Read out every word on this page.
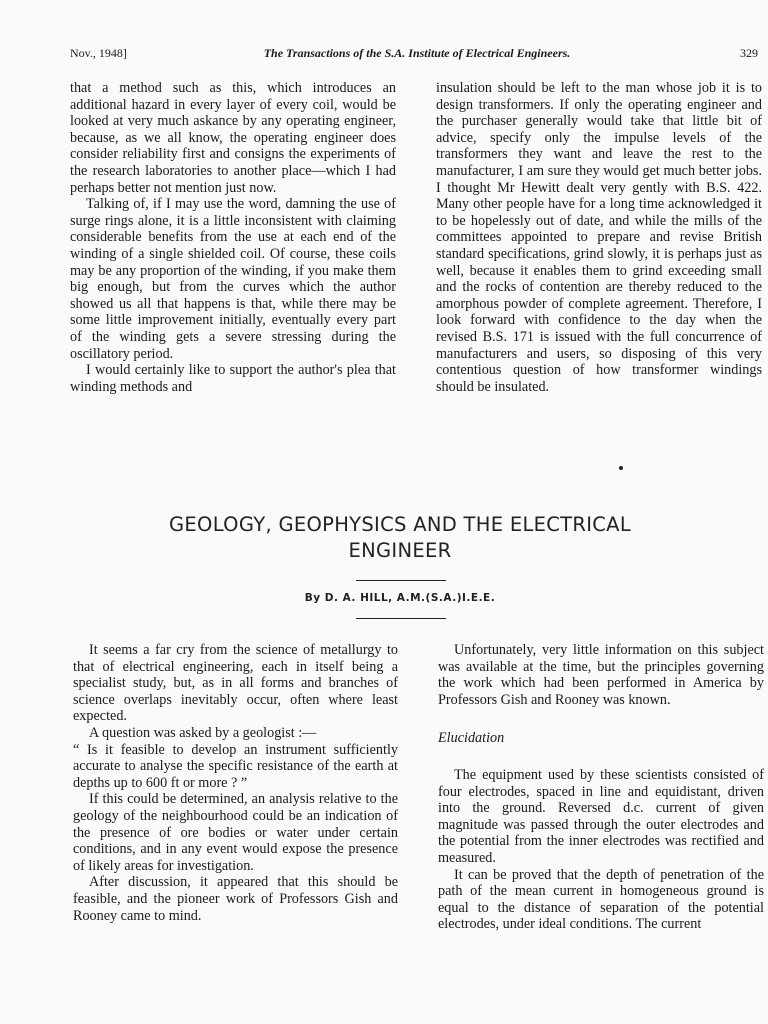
Nov., 1948]	The Transactions of the S.A. Institute of Electrical Engineers.	329

that a method such as this, which introduces an additional hazard in every layer of every coil, would be looked at very much askance by any operating engineer, because, as we all know, the operating engineer does consider reliability first and consigns the experiments of the research laboratories to another place—which I had perhaps better not mention just now.

Talking of, if I may use the word, damning the use of surge rings alone, it is a little inconsistent with claiming considerable benefits from the use at each end of the winding of a single shielded coil. Of course, these coils may be any proportion of the winding, if you make them big enough, but from the curves which the author showed us all that happens is that, while there may be some little improvement initially, eventually every part of the winding gets a severe stressing during the oscillatory period.

I would certainly like to support the author's plea that winding methods and

insulation should be left to the man whose job it is to design transformers. If only the operating engineer and the purchaser generally would take that little bit of advice, specify only the impulse levels of the transformers they want and leave the rest to the manufacturer, I am sure they would get much better jobs. I thought Mr Hewitt dealt very gently with B.S. 422. Many other people have for a long time acknowledged it to be hopelessly out of date, and while the mills of the committees appointed to prepare and revise British standard specifications, grind slowly, it is perhaps just as well, because it enables them to grind exceeding small and the rocks of contention are thereby reduced to the amorphous powder of complete agreement. Therefore, I look forward with confidence to the day when the revised B.S. 171 is issued with the full concurrence of manufacturers and users, so disposing of this very contentious question of how transformer windings should be insulated.

GEOLOGY, GEOPHYSICS AND THE ELECTRICAL
ENGINEER
By D. A. HILL, A.M.(S.A.)I.E.E.

It seems a far cry from the science of metallurgy to that of electrical engineering, each in itself being a specialist study, but, as in all forms and branches of science overlaps inevitably occur, often where least expected.

A question was asked by a geologist :—

“ Is it feasible to develop an instrument sufficiently accurate to analyse the specific resistance of the earth at depths up to 600 ft or more ? ”

If this could be determined, an analysis relative to the geology of the neighbourhood could be an indication of the presence of ore bodies or water under certain conditions, and in any event would expose the presence of likely areas for investigation.

After discussion, it appeared that this should be feasible, and the pioneer work of Professors Gish and Rooney came to mind.

Unfortunately, very little information on this subject was available at the time, but the principles governing the work which had been performed in America by Professors Gish and Rooney was known.

Elucidation

The equipment used by these scientists consisted of four electrodes, spaced in line and equidistant, driven into the ground. Reversed d.c. current of given magnitude was passed through the outer electrodes and the potential from the inner electrodes was rectified and measured.

It can be proved that the depth of penetration of the path of the mean current in homogeneous ground is equal to the distance of separation of the potential electrodes, under ideal conditions. The current
